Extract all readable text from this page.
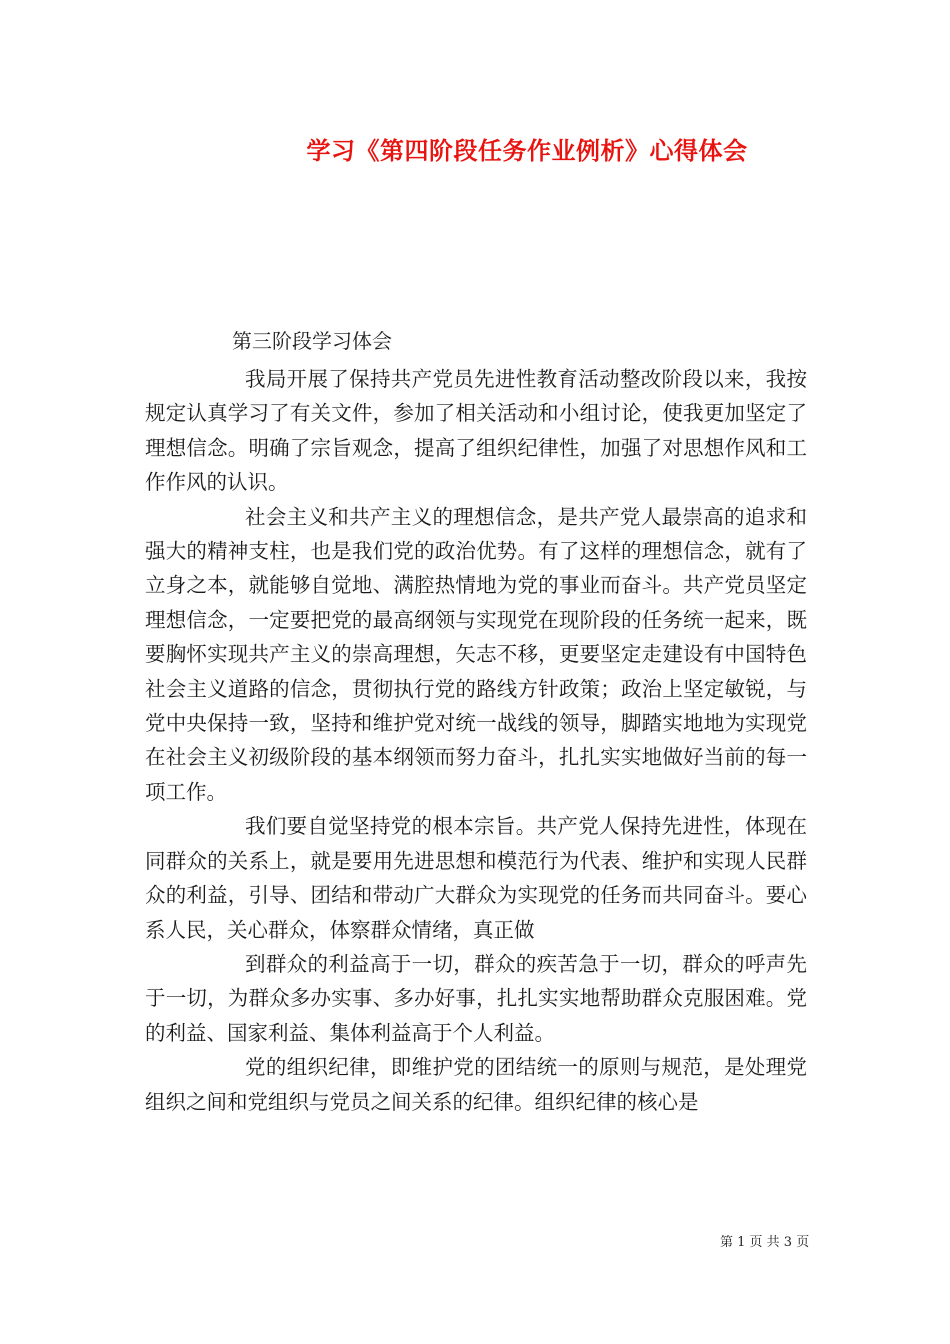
学习《第四阶段任务作业例析》心得体会
第三阶段学习体会

我局开展了保持共产党员先进性教育活动整改阶段以来，我按规定认真学习了有关文件，参加了相关活动和小组讨论，使我更加坚定了理想信念。明确了宗旨观念，提高了组织纪律性，加强了对思想作风和工作作风的认识。

社会主义和共产主义的理想信念，是共产党人最崇高的追求和强大的精神支柱，也是我们党的政治优势。有了这样的理想信念，就有了立身之本，就能够自觉地、满腔热情地为党的事业而奋斗。共产党员坚定理想信念，一定要把党的最高纲领与实现党在现阶段的任务统一起来，既要胸怀实现共产主义的崇高理想，矢志不移，更要坚定走建设有中国特色社会主义道路的信念，贯彻执行党的路线方针政策；政治上坚定敏锐，与党中央保持一致，坚持和维护党对统一战线的领导，脚踏实地地为实现党在社会主义初级阶段的基本纲领而努力奋斗，扎扎实实地做好当前的每一项工作。

我们要自觉坚持党的根本宗旨。共产党人保持先进性，体现在同群众的关系上，就是要用先进思想和模范行为代表、维护和实现人民群众的利益，引导、团结和带动广大群众为实现党的任务而共同奋斗。要心系人民，关心群众，体察群众情绪，真正做

到群众的利益高于一切，群众的疾苦急于一切，群众的呼声先于一切，为群众多办实事、多办好事，扎扎实实地帮助群众克服困难。党的利益、国家利益、集体利益高于个人利益。

党的组织纪律，即维护党的团结统一的原则与规范，是处理党组织之间和党组织与党员之间关系的纪律。组织纪律的核心是

第 1 页 共 3 页
